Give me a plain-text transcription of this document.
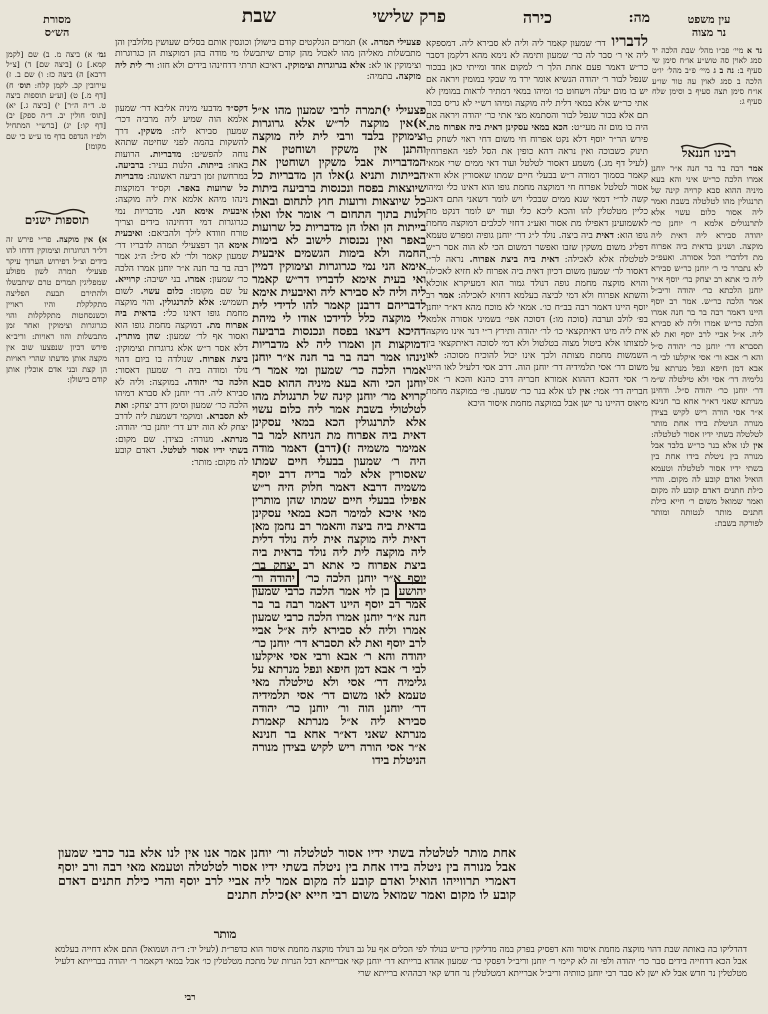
מה:
כירה
פרק שלישי
שבת	עין משפט
נר מצוה
נד א מיי׳ פכ״ו מהל׳ שבת הלכה יד סמג לאוין סה טוש״ע או״ח סימן שי סעיף ב: נה ב ג מיי׳ פ״ב מהל׳ יו״ט הלכה ב סמג לאוין עה טור שו״ע או״ח סימן תצה סעיף ב וסימן שלח סעיף ג:
רבינו חננאל
אמר רבה בר בר חנה א״ר יוחנן אמרו הלכה כר״ש איני והא בעא מיניה ההוא סבא קרויה קינה של תרנגולין מהו לטלטלה בשבת ואמר ליה אסור כלום עשוי אלא לתרנגולים אלמא ר׳ יוחנן כר׳ יהודה סבירא ליה דאית ליה מוקצה. ושנינן בדאית ביה אפרוח מת דלדברי הכל אסורה. ואעפ״כ לא נתברר כי ר׳ יוחנן כר״ש סבירא ליה כי אתא רב יצחק בר׳ יוסף א״ר יוחנן הלכתא כר׳ יהודה וריב״ל אמר הלכה כר״ש. אמר רב יוסף היינו דאמר רבה בר בר חנה אמרו הלכה כר״ש אמרו וליה לא סבירא ליה. א״ל אביי לרב יוסף ואת לא תסברא דר׳ יוחנן כר׳ יהודה ס״ל והא ר׳ אבא ור׳ אסי איקלעו לבי ר׳ אבא דמן חיפא ונפל מנרתא על גלימיה דר׳ אסי ולא טילטלה ש״מ דר׳ יוחנן כר׳ יהודה ס״ל. ודחינן מנרתא שאני דא״ר אחא בר חנינא א״ר אסי הורה ריש לקיש בצידן מנורה הניטלת בידו אחת מותר לטלטלה בשתי ידיו אסור לטלטלה: אין לנו אלא בנר כר״ש בלבד אבל מנורה בין ניטלת בידו אחת בין בשתי ידיו אסור לטלטלה וטעמא הואיל ואדם קובע לה מקום. והרי כילת חתנים דאדם קובע לה מקום ואמר שמואל משום ר׳ חייא כילת חתנים מותר לנטותה ומותר לפורקה בשבת:
מסורת
הש״ס
גמ׳ א) ביצה מ. ב) שם [לקמן קמא.] ג) [ביצה שם] ד) [צ״ל דרבא] ה) ביצה כז: ו) שם ב. ז) עירובין קב. לקמן קלח: תוס׳ ח) [דף מ.] ט) [וע״ע תוספות ביצה ט. ד״ה ה״ר] י) [ביצה ג.] יא) [תוס׳ חולין יב. ד״ה ספק] יב) [דף קו:] יג) [ברש״י המתחיל ולפ״ז הנדפס בדף מו ע״ש כי שם מקומו]
תוספות ישנים
א) אין מוקצה. פר״י פירש זה דל״ד דגרוגרות וצימוקין דדחו להו בידים וצ״ל דפירוש הערוך עיקר פצעילי תמרה לשון מפולע שמפליגין תמרים טרם שיתבשלו ולהתירם תבעת הפליצה מתקלקלת והיו ראויין וכשנסחטות מתקלקלות והוי כגרוגרות וצימוקין ואחר זמן מתבשלות והוו ראויות: וריב״א פירש דכיון שנפצעו שוב אין מקצה אותן מדעתו שהרי ראויות הן קצת ובני אדם אוכלין אותן קודם בישולן:
פצעילי תמרה. א) תמרים הנלקטים קודם בישולן וכונסין אותם בסלים שעושין מלולבין והן מתבשלות מאליהן מהו לאכול מהן קודם שיתבשלו מי מודה בהן דמוקצות הן כגרוגרות וצימוקין או לא: אלא בגרוגרות וצימוקין. דאיכא תרתי דדחינהו בידים ולא חזו: ור׳ לית ליה מוקצה. בתמיה:
דקס״ד מדבעי מיניה אליבא דר׳ שמעון אלמא הוה שמיע ליה מרביה דכר׳ שמעון סבירא ליה: משקין. דרך להשקות בהמה לפני שחיטה שתהא נוחה להפשיט: מדבריות. הרועות באחו: בייתות. הלנות בעיר: ברביעה. במרחשון זמן רביעה ראשונה: מדבריות כל שרועות באפר. וקס״ד דמוקצות נינהו מיהא אלמא אית ליה מוקצה: איבעית אימא הני. מדבריות נמי כגרוגרות דמי דדחינהו בידים וצריך טורח וזוודא לילך ולהביאם: ואיבעית אימא הך דפצעילי תמרה לדבריו דר׳ שמעון קאמר ולר׳ לא ס״ל: ה״ג אמר רבה בר בר חנה א״ר יוחנן אמרו הלכה כר׳ שמעון: אמרו. בני ישיבה: קרוייא. על שם מקומו: כלום עשוי. לשום תשמיש: אלא לתרנגולין. והוי מוקצה מחמת גופו דאינו כלי: בדאית ביה אפרוח מת. דמוקצה מחמת גופו הוא ואסור אף לר׳ שמעון: שהן מותרין. דלא אסר ר״ש אלא גרוגרות וצימוקין: ביצת אפרוח. שנולדה בו ביום דהוי נולד ומודה ביה ר׳ שמעון דאסור: הלכה כר׳ יהודה. במוקצה: וליה לא סבירא ליה. דר׳ יוחנן לא סברא דמיהו הלכה כר׳ שמעון וסימן דרב יצחק: ואת לא תסברא. ומוקמי דשמעת ליה לדרב יצחק לא הוה ידע דר׳ יוחנן כר׳ יהודה: מנרתא. מנורה: בצידן. שם מקום: בשתי ידיו אסור לטלטל. דאדם קובע לה מקום: מותר:
פצעילי י)תמרה לרבי שמעון מהו א״ל א)אין מוקצה לר״ש אלא גרוגרות וצימוקין בלבד ורבי לית ליה מוקצה והתנן אין משקין ושוחטין את המדבריות אבל משקין ושוחטין את הבייתות ותניא ג)אלו הן מדבריות כל שיוצאות בפסח ונכנסות ברביעה ביתות כל שיוצאות ורועות חוץ לתחום ובאות ולנות בתוך התחום ר׳ אומר אלו ואלו בייתות הן ואלו הן מדבריות כל שרועות באפר ואין נכנסות לישוב לא בימות החמה ולא בימות הגשמים איבעית אימא הני נמי כגרוגרות וצימוקין דמיין ואי בעית אימא לדבריו דר״ש קאמר ליה וליה לא סבירא ליה ואיבעית אימא לדבריהם דרבנן קאמר להו לדידי לית לי מוקצה כלל לדידכו אודו לי מיהת דהיכא דיצאו בפסח ונכנסות ברביעה דמוקצות הן ואמרו ליה לא מדבריות נינהו אמר רבה בר בר חנה א״ר יוחנן אמרו הלכה כר׳ שמעון ומי אמר ר׳ יוחנן הכי והא בעא מיניה ההוא סבא קרויא מר׳ יוחנן קינה של תרנגולת מהו לטלטולי בשבת אמר ליה כלום עשוי אלא לתרנגולין הכא במאי עסקינן דאית ביה אפרוח מת הניחא למר בר אמימר משמיה ז)(דרב) דאמר מודה היה ר׳ שמעון בבעלי חיים שמתו שאסורין אלא למר בריה דרב יוסף משמיה דרבא דאמר חלוק היה ר״ש אפילו בבעלי חיים שמתו שהן מותרין מאי איכא למימר הכא במאי עסקינן בדאית ביה ביצה והאמר רב נחמן מאן דאית ליה מוקצה אית ליה נולד דלית ליה מוקצה לית ליה נולד בדאית ביה ביצת אפרוח כי אתא רב יצחק בר׳ יוסף א״ר יוחנן הלכה כר׳ יהודה ור׳ יהושע בן לוי אמר הלכה כרבי שמעון אמר רב יוסף היינו דאמר רבה בר בר חנה א״ר יוחנן אמרו הלכה כרבי שמעון אמרו וליה לא סבירא ליה א״ל אביי לרב יוסף ואת לא תסברא דר׳ יוחנן כר׳ יהודה והא ר׳ אבא ורבי אסי איקלעו לבי ר׳ אבא דמן חיפא ונפל מנרתא על גלימיה דר׳ אסי ולא טילטלה מאי טעמא לאו משום דר׳ אסי תלמידיה דר׳ יוחנן הוה ור׳ יוחנן כר׳ יהודה סבירא ליה א״ל מנרתא קאמרת מנרתא שאני דא״ר אחא בר חנינא א״ר אסי הורה ריש לקיש בצידן מנורה הניטלת בידו
אחת מותר לטלטלה בשתי ידיו אסור לטלטלה ור׳ יוחנן אמר אנו אין לנו אלא בנר כרבי שמעון אבל מנורה בין ניטלה בידו אחת בין ניטלה בשתי ידיו אסור לטלטלה וטעמא מאי רבה ורב יוסף דאמרי תרווייהו הואיל ואדם קובע לה מקום אמר ליה אביי לרב יוסף והרי כילת חתנים דאדם קובע לו מקום ואמר שמואל משום רבי חייא יא)כילת חתנים
מותר
לדבריו דר׳ שמעון קאמר ליה וליה לא סבירא ליה. דמספקא ליה אי ר׳ סבר לה כר׳ שמעון ותימה לא נימא מהא דלקמן דסבר כר״ש דאמר פעם אחת הלך ר׳ למקום אחד ומייתי כאן בבכור שנפל לבור ר׳ יהודה הנשיא אומר ירד מי שבקי במומין ויראה אם יש בו מום יעלה וישחוט כו׳ ומיהו במאי דמתיר לראות במומין לא אתי כר״ש אלא במאי דלית ליה מוקצה ומיהו רש״י לא גריס בכור תם אלא בכור שנפל לבור והסתמא מצי אתי כר׳ יהודה ויראה אם היה בו מום זה מעי״ט: הכא במאי עסקינן דאית ביה אפרוח מת. פירש הר״ר יוסף דלא נקט אפרוח חי משום דחי ראוי לשחק בו תינוק כשבוכה ואין נראה דהא כופין את הסל לפני האפרוחין (לעיל דף מג.) משמע דאסור לטלטל ועוד דאי ממים שרי אמאי קאמר בסמוך דמודה ר״ש בבעלי חיים שמתו שאסורין אלא ודאי אסור לטלטל אפרוח חי דמוקצה מחמת גופו הוא דאינו כלי ומיהו קשה לר״י דמאי שנא ממים שבכלי ויש לומר דשאני התם דאגב כליין מטלטלין להו והכא ליכא כלי ועוד יש לומר דנקט מת לאשמועינן דאפילו מת אסור ואע״ג דחזי לכלבים דמוקצה מחמת גופו הוא: דאית ביה ביצה. נולד ל״ג דר׳ יוחנן גופיה ומפרש טעמא דפליג משום משקין שזבו ואפשר דמשום הכי לא הוה אסר ר״ש לטלטלה אלא לאכילה: דאית ביה ביצת אפרוח. נראה לר״י דאסור לר׳ שמעון משום דכיון דאית ביה אפרוח לא חזיא לאכילה והויא מוקצה מחמת גופה דנולד גמור הוא דמעיקרא אוכלא והשתא אפרוח ולא דמי לביצה בעלמא דחזיא לאכילה: אמר רב יוסף היינו דאמר רבה בב״ח כו׳. אמאי לא מוכח מהא דא״ר יוחנן בפ׳ לולב וערבה (סוכה מו:) דסוכה אפי׳ בשמיני אסורה אלמא אית ליה מיגו דאיתקצאי כו׳ לר׳ יהודה ותירץ ר״י דנר אינו מוקצה למצותו אלא ביטול מצוה בטלטול ולא דמי לסוכה דאיתקצאי בין השמשות מחמת מצותה ולכך אינו יכול להוכיח מסוכה: לאו משום דר׳ אסי תלמידיה דר׳ יוחנן הוה. דרב אסי דלעיל לאו היינו ר׳ אסי דהכא דההוא אמורא חבריה דרב כהנא והכא ר׳ אסי חבריה דר׳ אמי: אין לנו אלא בנר כר׳ שמעון. פי׳ במוקצה מחמת מיאוס דהיינו נר ישן אבל במוקצה מחמת איסור היכא
דהדליקו בה באותה שבת דהוי מוקצה מחמת איסור והא דפסיק בפרק במה מדליקין כר״ש בנולד לפי הכלים אף על גב דנולד מוקצה מחמת איסור הוא כדפר״ת (לעיל יד: ד״ה ושמואל) התם אלא דחייה בעלמא אבל הכא דדחייה בידים סבר כר׳ יהודה ולפי זה לא קיימי ר׳ יוחנן וריב״ל דפסקי כר׳ שמעון אהדא ברייתא דר׳ יוחנן קאי אברייתא דכל הנרות של מתכת מטלטלין כו׳ אבל במאי דקאמר ר׳ יהודה בברייתא דלעיל מטלטלין נר חדש אבל לא ישן לא סבר רבי יוחנן כוותיה וריב״ל אברייתא דמטלטלין נר חדש קאי דבההיא ברייתא שרי
רבי
